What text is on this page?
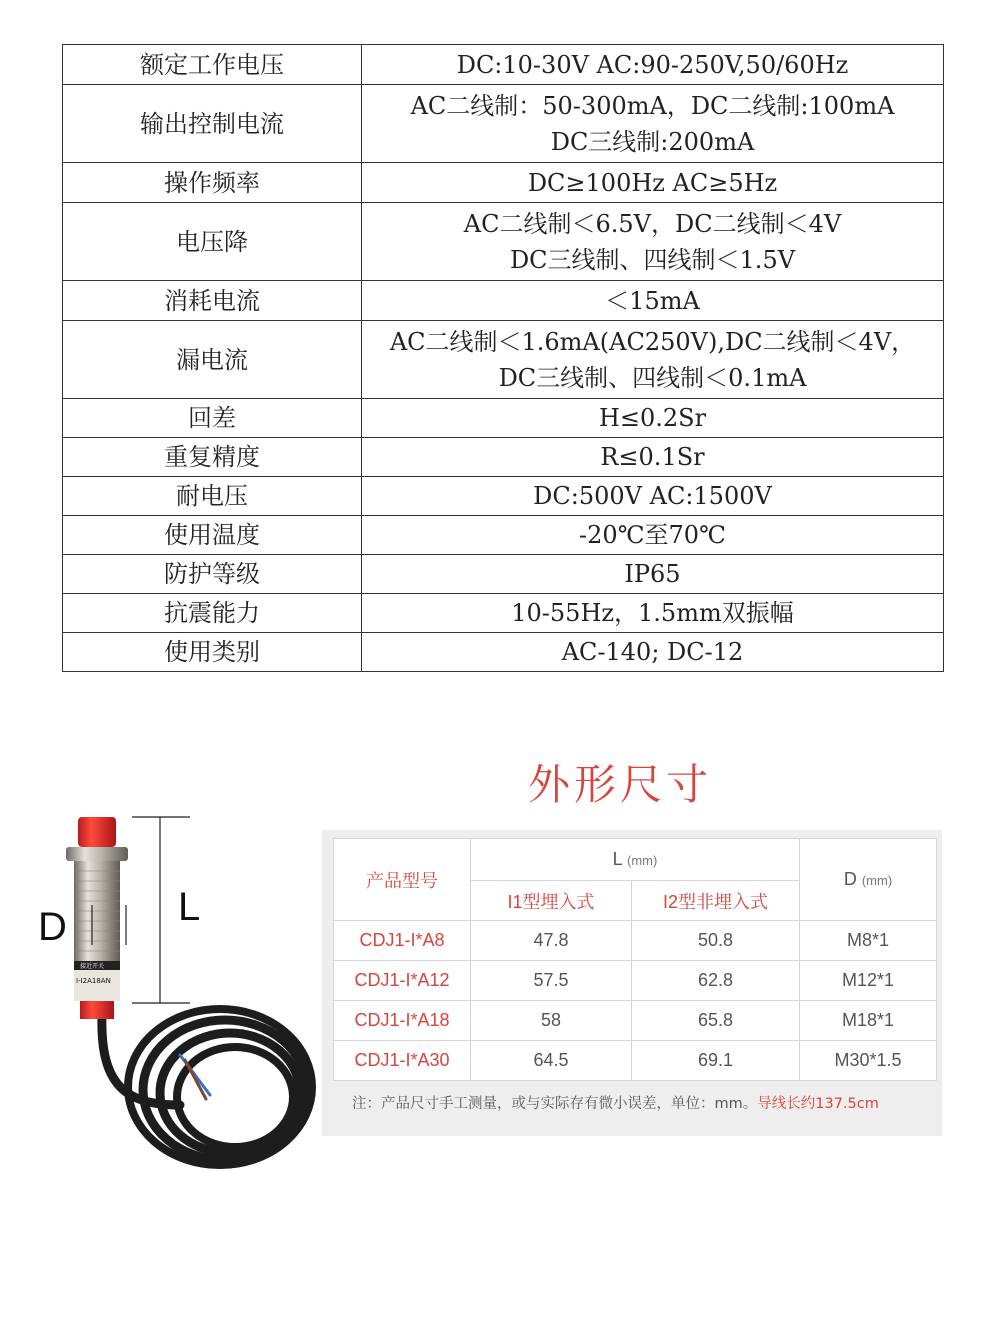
额定工作电压	DC:10-30V AC:90-250V,50/60Hz

输出控制电流	AC二线制：50-300mA，DC二线制:100mA
DC三线制:200mA

操作频率	DC≥100Hz AC≥5Hz

电压降	AC二线制＜6.5V，DC二线制＜4V
DC三线制、四线制＜1.5V

消耗电流	＜15mA

漏电流	AC二线制＜1.6mA(AC250V),DC二线制＜4V，
DC三线制、四线制＜0.1mA

回差	H≤0.2Sr

重复精度	R≤0.1Sr

耐电压	DC:500V AC:1500V

使用温度	-20℃至70℃

防护等级	IP65

抗震能力	10-55Hz，1.5mm双振幅

使用类别	AC-140; DC-12
外形尺寸
接近开关
I-I2A18AN
D	L
产品型号	L (mm)		D (mm)
	I1型埋入式	I2型非埋入式	
CDJ1-I*A8	47.8	50.8	M8*1
CDJ1-I*A12	57.5	62.8	M12*1
CDJ1-I*A18	58	65.8	M18*1
CDJ1-I*A30	64.5	69.1	M30*1.5
注：产品尺寸手工测量，或与实际存有微小误差，单位：mm。导线长约137.5cm
